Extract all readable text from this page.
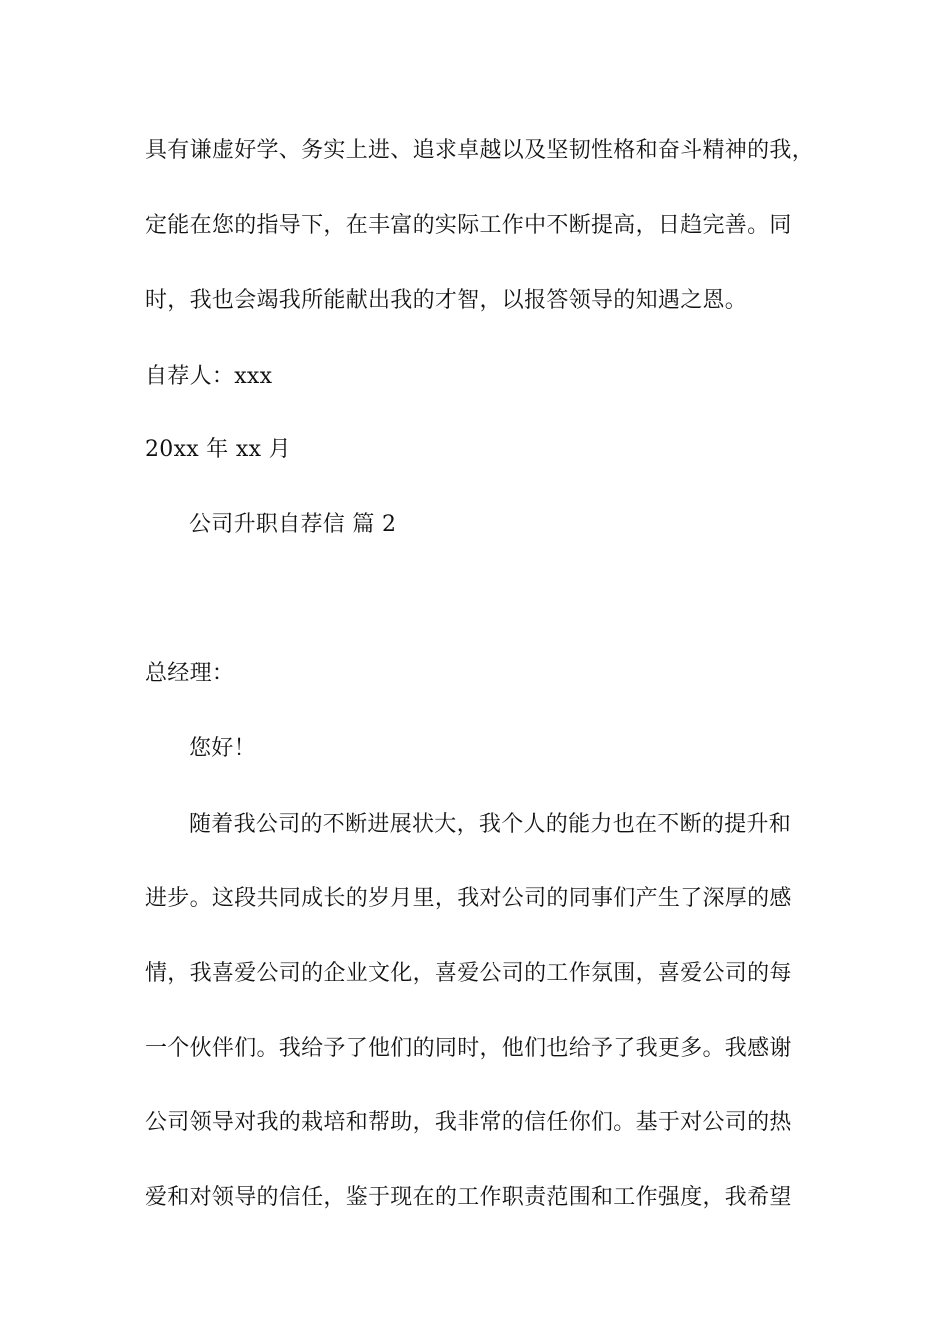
具有谦虚好学、务实上进、追求卓越以及坚韧性格和奋斗精神的我，
定能在您的指导下，在丰富的实际工作中不断提高，日趋完善。同
时，我也会竭我所能献出我的才智，以报答领导的知遇之恩。
自荐人：xxx
20xx 年 xx 月
公司升职自荐信 篇 2
总经理：
您好！
随着我公司的不断进展状大，我个人的能力也在不断的提升和
进步。这段共同成长的岁月里，我对公司的同事们产生了深厚的感
情，我喜爱公司的企业文化，喜爱公司的工作氛围，喜爱公司的每
一个伙伴们。我给予了他们的同时，他们也给予了我更多。我感谢
公司领导对我的栽培和帮助，我非常的信任你们。基于对公司的热
爱和对领导的信任，鉴于现在的工作职责范围和工作强度，我希望
